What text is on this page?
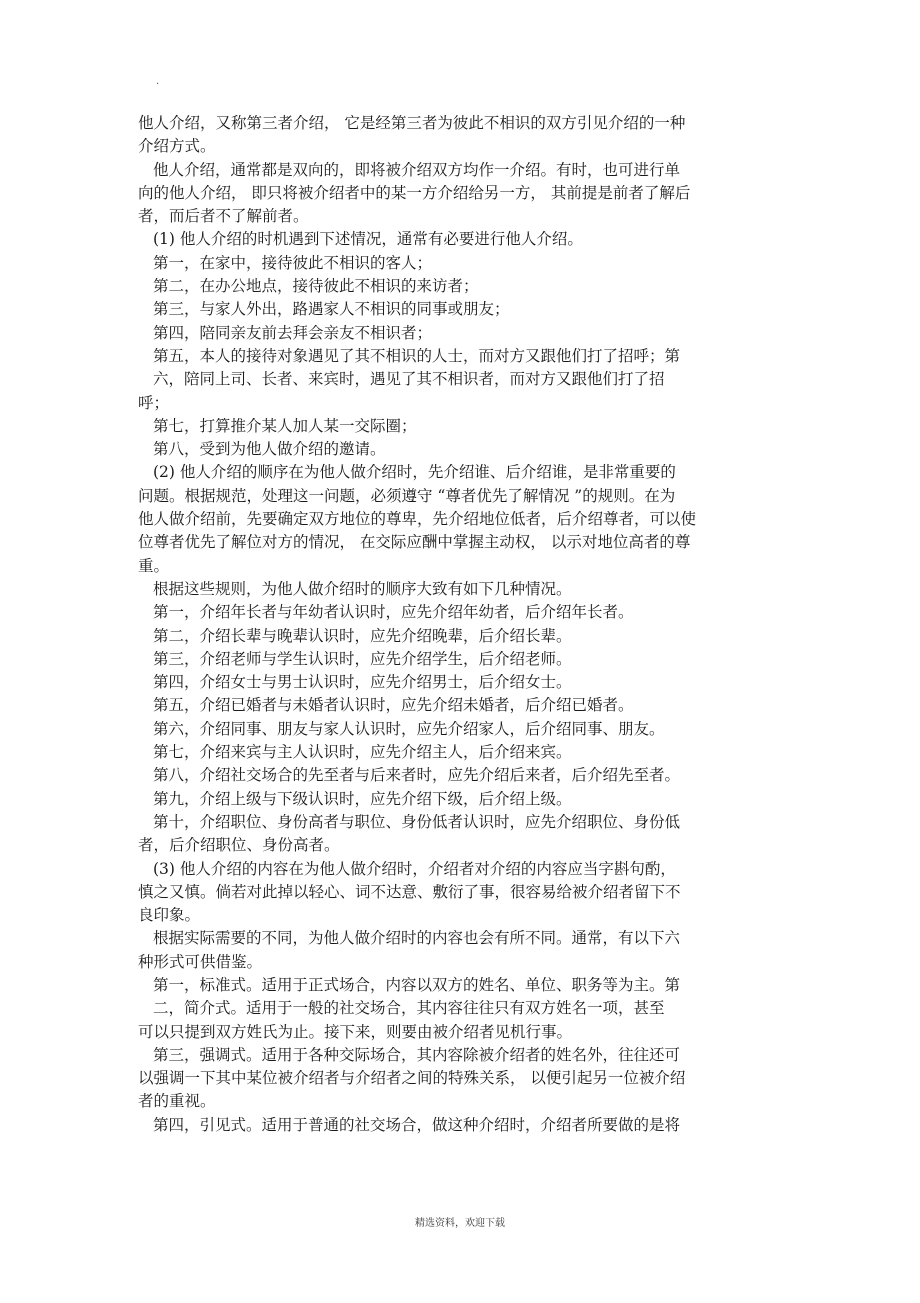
.
他人介绍，又称第三者介绍， 它是经第三者为彼此不相识的双方引见介绍的一种
介绍方式。
他人介绍，通常都是双向的，即将被介绍双方均作一介绍。有时，也可进行单
向的他人介绍， 即只将被介绍者中的某一方介绍给另一方， 其前提是前者了解后
者，而后者不了解前者。
(1) 他人介绍的时机遇到下述情况，通常有必要进行他人介绍。
第一，在家中，接待彼此不相识的客人；
第二，在办公地点，接待彼此不相识的来访者；
第三，与家人外出，路遇家人不相识的同事或朋友；
第四，陪同亲友前去拜会亲友不相识者；
第五，本人的接待对象遇见了其不相识的人士，而对方又跟他们打了招呼；第
六，陪同上司、长者、来宾时，遇见了其不相识者，而对方又跟他们打了招
呼；
第七，打算推介某人加人某一交际圈；
第八，受到为他人做介绍的邀请。
(2) 他人介绍的顺序在为他人做介绍时，先介绍谁、后介绍谁，是非常重要的
问题。根据规范，处理这一问题，必须遵守 “尊者优先了解情况 ”的规则。在为
他人做介绍前，先要确定双方地位的尊卑，先介绍地位低者，后介绍尊者，可以使
位尊者优先了解位对方的情况， 在交际应酬中掌握主动权， 以示对地位高者的尊
重。
根据这些规则，为他人做介绍时的顺序大致有如下几种情况。
第一，介绍年长者与年幼者认识时，应先介绍年幼者，后介绍年长者。
第二，介绍长辈与晚辈认识时，应先介绍晚辈，后介绍长辈。
第三，介绍老师与学生认识时，应先介绍学生，后介绍老师。
第四，介绍女士与男士认识时，应先介绍男士，后介绍女士。
第五，介绍已婚者与未婚者认识时，应先介绍未婚者，后介绍已婚者。
第六，介绍同事、朋友与家人认识时，应先介绍家人，后介绍同事、朋友。
第七，介绍来宾与主人认识时，应先介绍主人，后介绍来宾。
第八，介绍社交场合的先至者与后来者时，应先介绍后来者，后介绍先至者。
第九，介绍上级与下级认识时，应先介绍下级，后介绍上级。
第十，介绍职位、身份高者与职位、身份低者认识时，应先介绍职位、身份低
者，后介绍职位、身份高者。
(3) 他人介绍的内容在为他人做介绍时，介绍者对介绍的内容应当字斟句酌，
慎之又慎。倘若对此掉以轻心、词不达意、敷衍了事，很容易给被介绍者留下不
良印象。
根据实际需要的不同，为他人做介绍时的内容也会有所不同。通常，有以下六
种形式可供借鉴。
第一，标准式。适用于正式场合，内容以双方的姓名、单位、职务等为主。第
二，简介式。适用于一般的社交场合，其内容往往只有双方姓名一项，甚至
可以只提到双方姓氏为止。接下来，则要由被介绍者见机行事。
第三，强调式。适用于各种交际场合，其内容除被介绍者的姓名外，往往还可
以强调一下其中某位被介绍者与介绍者之间的特殊关系， 以便引起另一位被介绍
者的重视。
第四，引见式。适用于普通的社交场合，做这种介绍时，介绍者所要做的是将
精选资料，欢迎下载
